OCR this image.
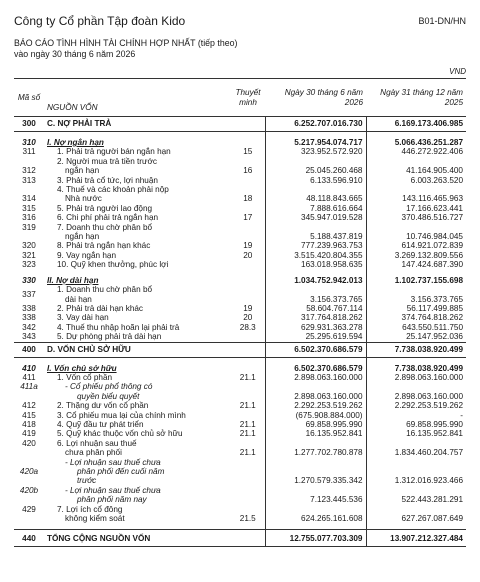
Công ty Cổ phần Tập đoàn Kido	B01-DN/HN
BÁO CÁO TÌNH HÌNH TÀI CHÍNH HỢP NHẤT (tiếp theo)
vào ngày 30 tháng 6 năm 2026
VND
Mã số	NGUỒN VỐN	Thuyết minh	Ngày 30 tháng 6 năm 2026	Ngày 31 tháng 12 năm 2025
300	C. NỢ PHẢI TRẢ		6.252.707.016.730	6.169.173.406.985

310	I. Nợ ngắn hạn		5.217.954.074.717	5.066.436.251.287
311	1. Phải trả người bán ngắn hạn	15	323.952.572.920	446.272.922.406
312	2. Người mua trả tiền trước
ngắn hạn	16	25.045.260.468	41.164.905.400
313	3. Phải trả cổ tức, lợi nhuận		6.133.596.910	6.003.263.520
314	4. Thuế và các khoản phải nộp
Nhà nước	18	48.118.843.665	143.116.465.963
315	5. Phải trả người lao động		7.888.616.664	17.166.623.441
316	6. Chi phí phải trả ngắn hạn	17	345.947.019.528	370.486.516.727
319	7. Doanh thu chờ phân bổ
ngắn hạn		5.188.437.819	10.746.984.045
320	8. Phải trả ngắn hạn khác	19	777.239.963.753	614.921.072.839
321	9. Vay ngắn hạn	20	3.515.420.804.355	3.269.132.809.556
323	10. Quỹ khen thưởng, phúc lợi		163.018.958.635	147.424.687.390

330	II. Nợ dài hạn		1.034.752.942.013	1.102.737.155.698
337	1. Doanh thu chờ phân bổ
dài hạn		3.156.373.765	3.156.373.765
338	2. Phải trả dài hạn khác	19	58.604.767.114	56.117.499.885
338	3. Vay dài hạn	20	317.764.818.262	374.764.818.262
342	4. Thuế thu nhập hoãn lại phải trả	28.3	629.931.363.278	643.550.511.750
343	5. Dự phòng phải trả dài hạn		25.295.619.594	25.147.952.036
400	D. VỐN CHỦ SỞ HỮU		6.502.370.686.579	7.738.038.920.499

410	I. Vốn chủ sở hữu		6.502.370.686.579	7.738.038.920.499
411	1. Vốn cổ phần	21.1	2.898.063.160.000	2.898.063.160.000
411a	- Cổ phiếu phổ thông có
quyền biểu quyết		2.898.063.160.000	2.898.063.160.000
412	2. Thặng dư vốn cổ phần	21.1	2.292.253.519.262	2.292.253.519.262
415	3. Cổ phiếu mua lại của chính mình		(675.908.884.000)	-
418	4. Quỹ đầu tư phát triển	21.1	69.858.995.990	69.858.995.990
419	5. Quỹ khác thuộc vốn chủ sở hữu	21.1	16.135.952.841	16.135.952.841
420	6. Lợi nhuận sau thuế
chưa phân phối	21.1	1.277.702.780.878	1.834.460.204.757
420a	- Lợi nhuận sau thuế chưa
phân phối đến cuối năm
trước		1.270.579.335.342	1.312.016.923.466
420b	- Lợi nhuận sau thuế chưa
phân phối năm nay		7.123.445.536	522.443.281.291
429	7. Lợi ích cổ đông
không kiểm soát	21.5	624.265.161.608	627.267.087.649

440	TỔNG CỘNG NGUỒN VỐN		12.755.077.703.309	13.907.212.327.484
